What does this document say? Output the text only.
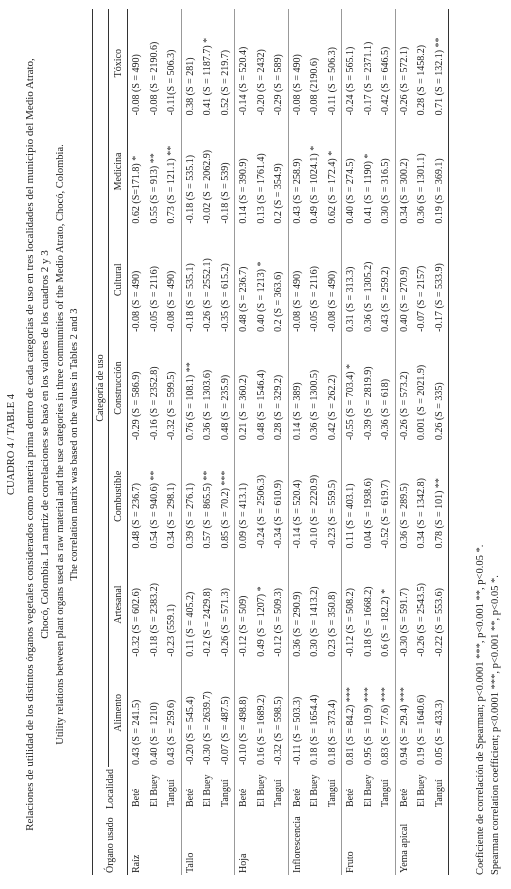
CUADRO 4 / TABLE 4 Relaciones de utilidad de los distintos órganos vegetales considerados como materia prima dentro de cada categorías de uso en tres localidades del municipio del Medio Atrato, Chocó, Colombia. La matriz de correlaciones se basó en los valores de los cuadros 2 y 3 Utility relations between plant organs used as raw material and the use categories in three communities of the Medio Atrato, Chocó, Colombia. The correlation matrix was based on the values in Tables 2 and 3
Órgano usado	Localidad	Categoría de uso						
		Alimento	Artesanal	Combustible	Construcción	Cultural	Medicina	Tóxico
Raíz	Beté	0.43 (S = 241.5)	-0.32 (S = 602.6)	0.48 (S = 236.7)	-0.29 (S = 586.9)	-0.08 (S = 490)	0.62 (S=171.8) *	-0.08 (S = 490)
	El Buey	0.40 (S = 1210)	-0.18 (S = 2383.2)	0.54 (S = 940.6) **	-0.16 (S = 2352.8)	-0.05 (S = 2116)	0.55 (S = 913) **	-0.08 (S = 2190.6)
	Tanguí	0.43 (S = 259.6)	-0.23 (559.1)	0.34 (S = 298.1)	-0.32 (S = 599.5)	-0.08 (S = 490)	0.73 (S = 121.1) **	-0.11(S = 506.3)
Tallo	Beté	-0.20 (S = 545.4)	0.11 (S = 405.2)	0.39 (S = 276.1)	0.76 (S = 108.1) **	-0.18 (S = 535.1)	-0.18 (S = 535.1)	0.38 (S = 281)
	El Buey	-0.30 (S = 2639.7)	-0.2 (S = 2429.8)	0.57 (S = 865.5) **	0.36 (S = 1303.6)	-0.26 (S = 2552.1)	-0.02 (S = 2062.9)	0.41 (S = 1187.7) *
	Tanguí	-0.07 (S = 487.5)	-0.26 (S = 571.3)	0.85 (S = 70.2) ***	0.48 (S = 235.9)	-0.35 (S = 615.2)	-0.18 (S = 539)	0.52 (S = 219.7)
Hoja	Beté	-0.10 (S = 498.8)	-0.12 (S = 509)	0.09 (S = 413.1)	0.21 (S = 360.2)	0.48 (S = 236.7)	0.14 (S = 390.9)	-0.14 (S = 520.4)
	El Buey	0.16 (S = 1689.2)	0.49 (S = 1207) *	-0.24 (S = 2506.3)	0.48 (S = 1546.4)	0.40 (S = 1213) *	0.13 (S = 1761.4)	-0.20 (S = 2432)
	Tanguí	-0.32 (S = 598.5)	-0.12 (S = 509.3)	-0.34 (S = 610.9)	0.28 (S = 329.2)	0.2 (S = 363.6)	0.2 (S = 354.9)	-0.29 (S = 589)
Inflorescencia	Beté	-0.11 (S = 503.3)	0.36 (S = 290.9)	-0.14 (S = 520.4)	0.14 (S = 389)	-0.08 (S = 490)	0.43 (S = 258.9)	-0.08 (S = 490)
	El Buey	0.18 (S = 1654.4)	0.30 (S = 1413.2)	-0.10 (S = 2220.9)	0.36 (S = 1300.5)	-0.05 (S = 2116)	0.49 (S = 1024.1) *	-0.08 (2190.6)
	Tanguí	0.18 (S = 373.4)	0.23 (S = 350.8)	-0.23 (S = 559.5)	0.42 (S = 262.2)	-0.08 (S = 490)	0.62 (S = 172.4) *	-0.11 (S = 506.3)
Fruto	Beté	0.81 (S = 84.2) ***	-0.12 (S = 508.2)	0.11 (S = 403.1)	-0.55 (S = 703.4) *	0.31 (S = 313.3)	0.40 (S = 274.5)	-0.24 (S = 565.1)
	El Buey	0.95 (S = 10.9) ***	0.18 (S = 1668.2)	0.04 (S = 1938.6)	-0.39 (S = 2819.9)	0.36 (S = 1305.2)	0.41 (S = 1190) *	-0.17 (S = 2371.1)
	Tanguí	0.83 (S = 77.6) ***	0.6 (S = 182.2) *	-0.52 (S = 619.7)	-0.36 (S = 618)	0.43 (S = 259.2)	0.30 (S = 316.5)	-0.42 (S = 646.5)
Yema apical	Beté	0.94 (S = 29.4) ***	-0.30 (S = 591.7)	0.36 (S = 289.5)	-0.26 (S = 573.2)	0.40 (S = 270.9)	0.34 (S = 300.2)	-0.26 (S = 572.1)
	El Buey	0.19 (S = 1640.6)	-0.26 (S = 2543.5)	0.34 (S = 1342.8)	0.001 (S = 2021.9)	-0.07 (S = 2157)	0.36 (S = 1301.1)	0.28 (S = 1458.2)
	Tanguí	0.05 (S = 433.3)	-0.22 (S = 553.6)	0.78 (S = 101) **	0.26 (S = 335)	-0.17 (S = 533.9)	0.19 (S = 369.1)	0.71 (S = 132.1) **
Coeficiente de correlación de Spearman; p<0.0001 ***, p<0.001 **, p<0.05 *. Spearman correlation coefficient; p<0.0001 ***, p<0.001 **, p<0.05 *.
